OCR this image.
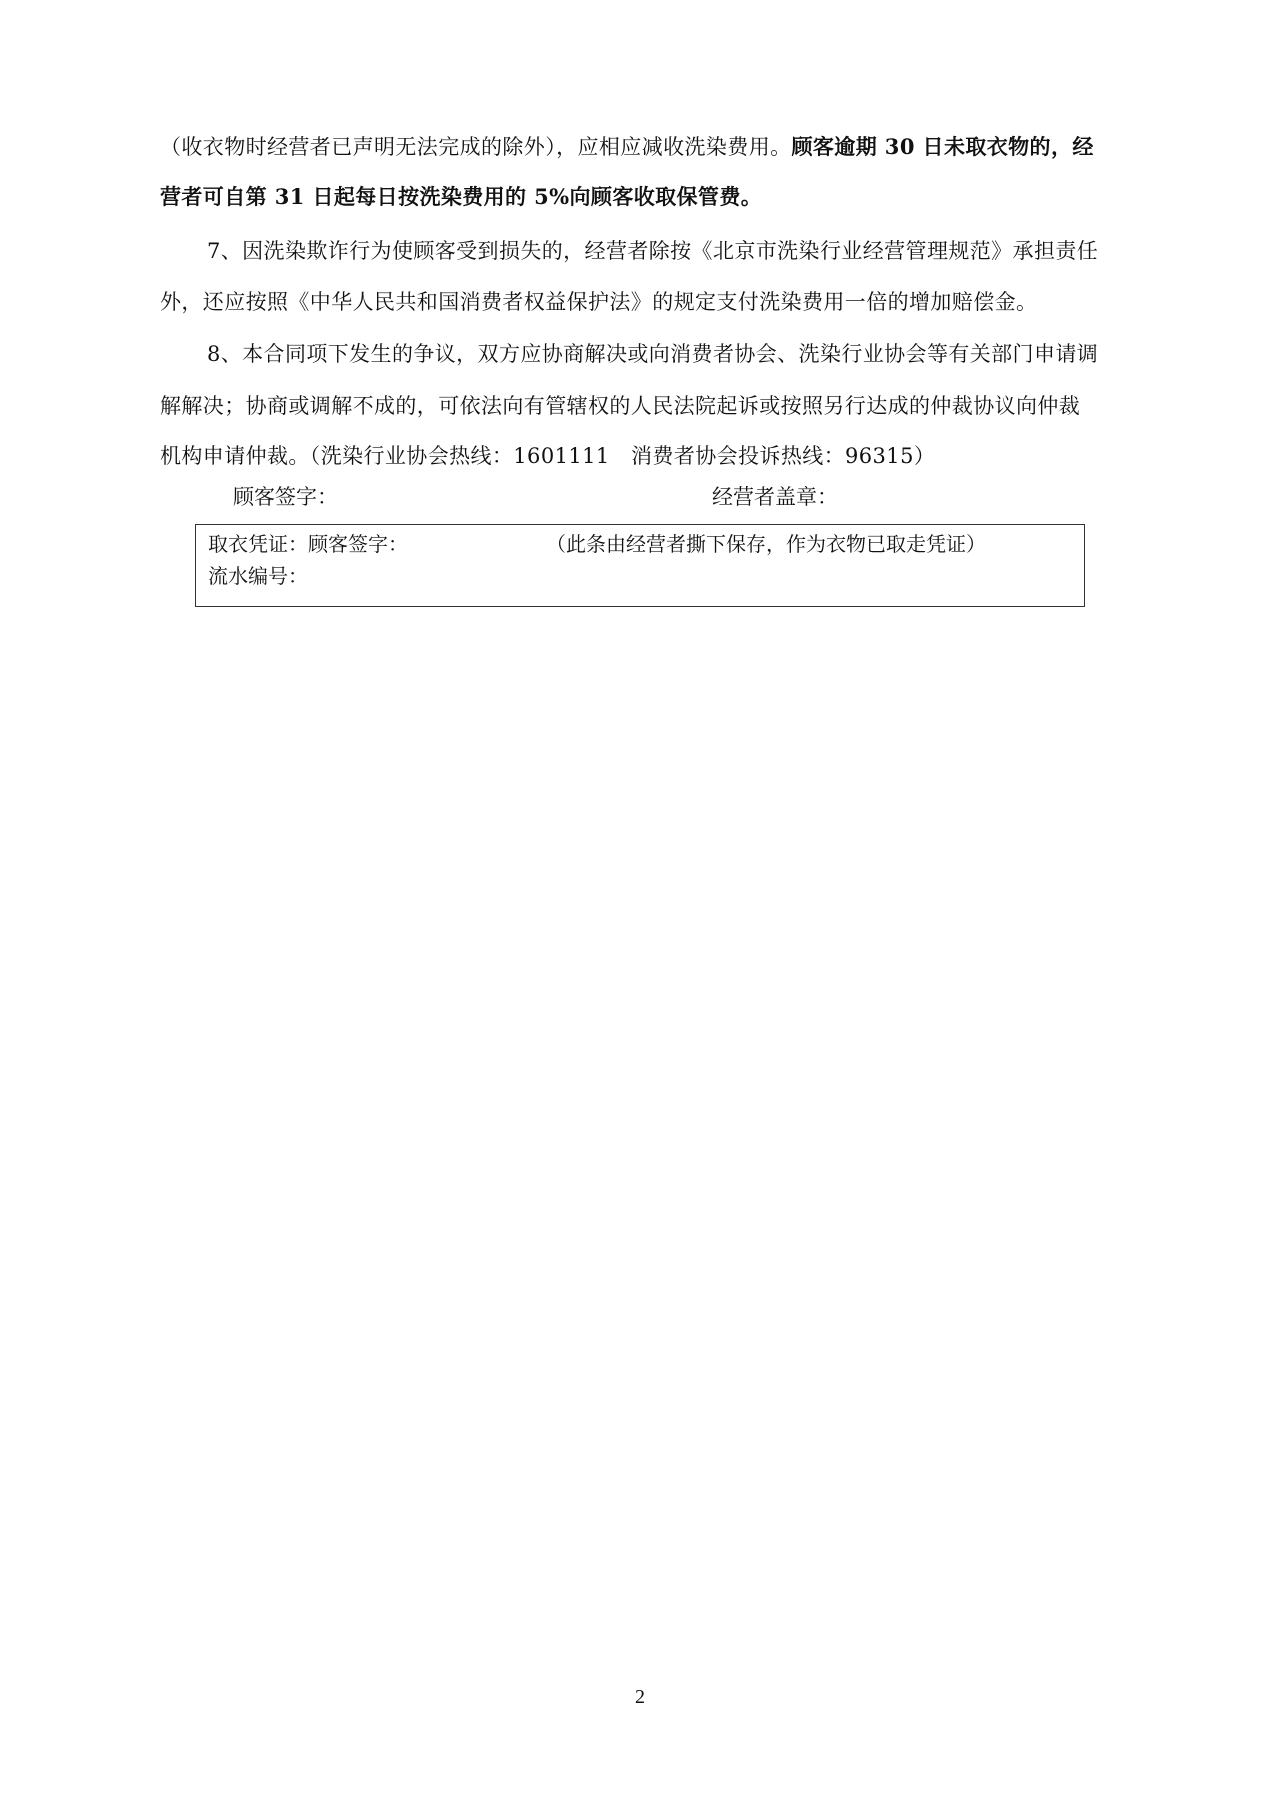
（收衣物时经营者已声明无法完成的除外），应相应减收洗染费用。顾客逾期 30 日未取衣物的，经
营者可自第 31 日起每日按洗染费用的 5%向顾客收取保管费。
7、因洗染欺诈行为使顾客受到损失的，经营者除按《北京市洗染行业经营管理规范》承担责任
外，还应按照《中华人民共和国消费者权益保护法》的规定支付洗染费用一倍的增加赔偿金。
8、本合同项下发生的争议，双方应协商解决或向消费者协会、洗染行业协会等有关部门申请调
解解决；协商或调解不成的，可依法向有管辖权的人民法院起诉或按照另行达成的仲裁协议向仲裁
机构申请仲裁。（洗染行业协会热线：1601111　消费者协会投诉热线：96315）
顾客签字：	经营者盖章：
取衣凭证：顾客签字：	（此条由经营者撕下保存，作为衣物已取走凭证）
流水编号：
2
